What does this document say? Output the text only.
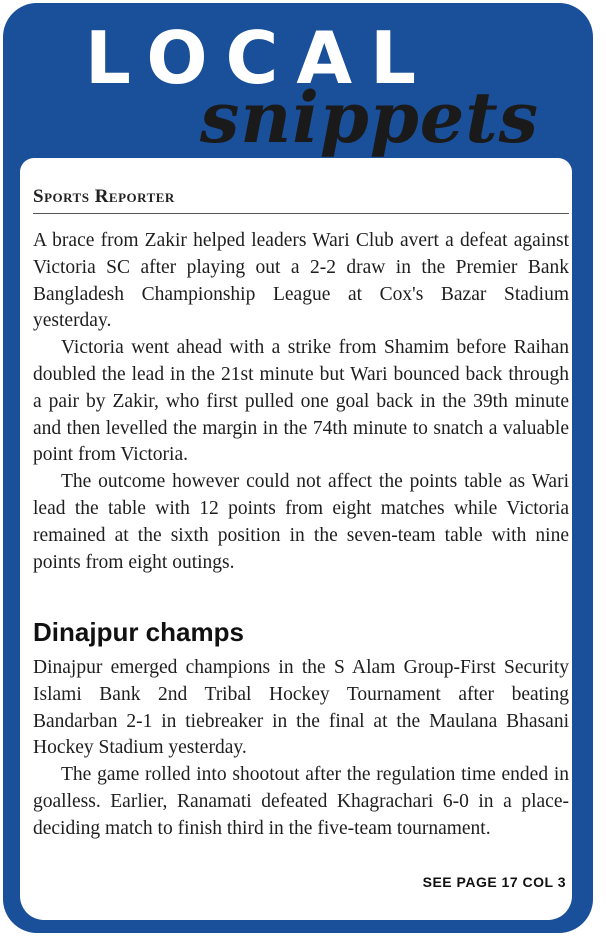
LOCAL
snippets
Sports Reporter

A brace from Zakir helped leaders Wari Club avert a defeat against Victoria SC after playing out a 2-2 draw in the Premier Bank Bangladesh Championship League at Cox's Bazar Stadium yesterday.

Victoria went ahead with a strike from Shamim before Raihan doubled the lead in the 21st minute but Wari bounced back through a pair by Zakir, who first pulled one goal back in the 39th minute and then levelled the margin in the 74th minute to snatch a valuable point from Victoria.

The outcome however could not affect the points table as Wari lead the table with 12 points from eight matches while Victoria remained at the sixth position in the seven-team table with nine points from eight outings.

Dinajpur champs

Dinajpur emerged champions in the S Alam Group-First Security Islami Bank 2nd Tribal Hockey Tournament after beating Bandarban 2-1 in tiebreaker in the final at the Maulana Bhasani Hockey Stadium yesterday.

The game rolled into shootout after the regulation time ended in goalless. Earlier, Ranamati defeated Khagrachari 6-0 in a place-deciding match to finish third in the five-team tournament.

SEE PAGE 17 COL 3
